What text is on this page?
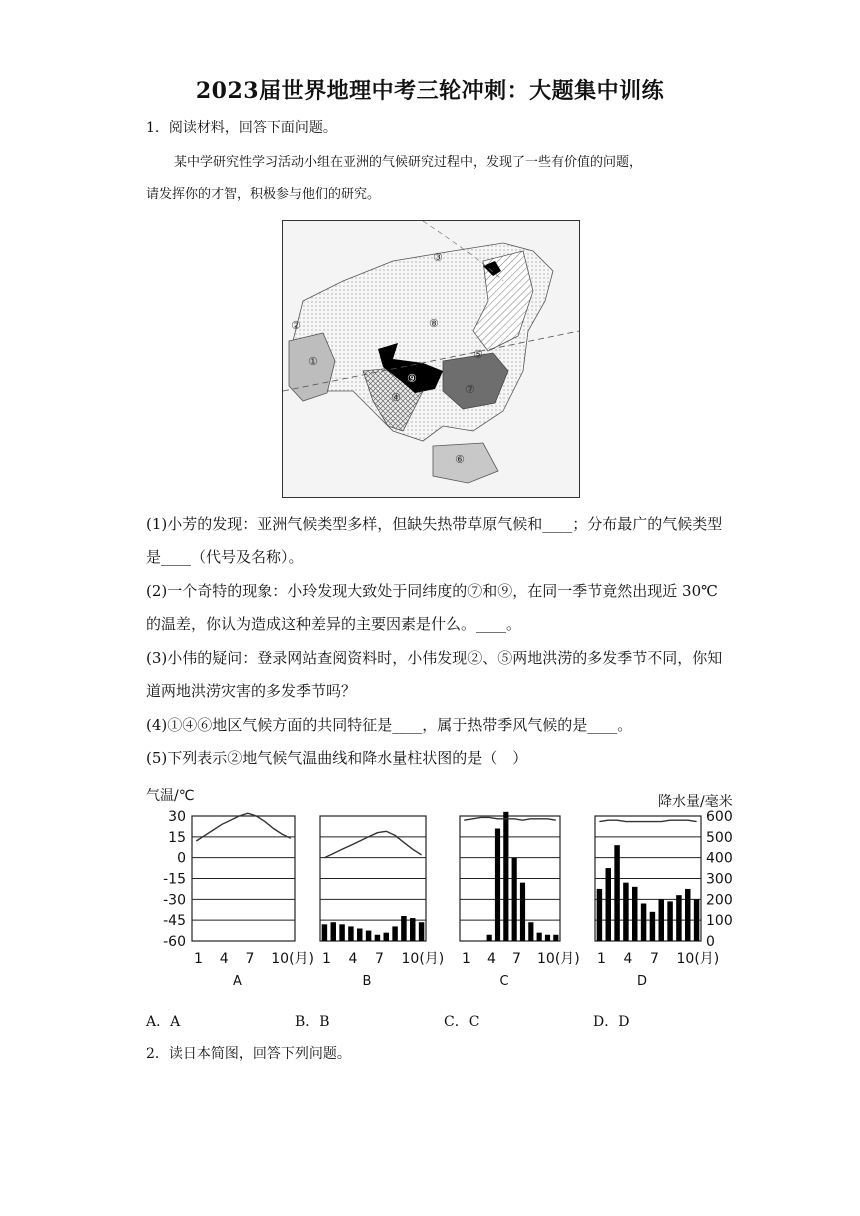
2023届世界地理中考三轮冲刺：大题集中训练
1．阅读材料，回答下面问题。
某中学研究性学习活动小组在亚洲的气候研究过程中，发现了一些有价值的问题，
请发挥你的才智，积极参与他们的研究。
①
②
③
④
⑤
⑥
⑦
⑧
⑨
(1)小芳的发现：亚洲气候类型多样，但缺失热带草原气候和____；分布最广的气候类型
是____（代号及名称）。
(2)一个奇特的现象：小玲发现大致处于同纬度的⑦和⑨，在同一季节竟然出现近 30℃
的温差，你认为造成这种差异的主要因素是什么。____。
(3)小伟的疑问：登录网站查阅资料时，小伟发现②、⑤两地洪涝的多发季节不同，你知
道两地洪涝灾害的多发季节吗？
(4)①④⑥地区气候方面的共同特征是____，属于热带季风气候的是____。
(5)下列表示②地气候气温曲线和降水量柱状图的是（　）
气温/℃	降水量/毫米
30
15
0
-15
-30
-45
-60
600
500
400
300
200
100
0
1 4 7 10(月) 1 4 7 10(月) 1 4 7 10(月) 1 4 7 10(月)
A	B	C	D
A．A	B．B	C．C	D．D
2．读日本简图，回答下列问题。
